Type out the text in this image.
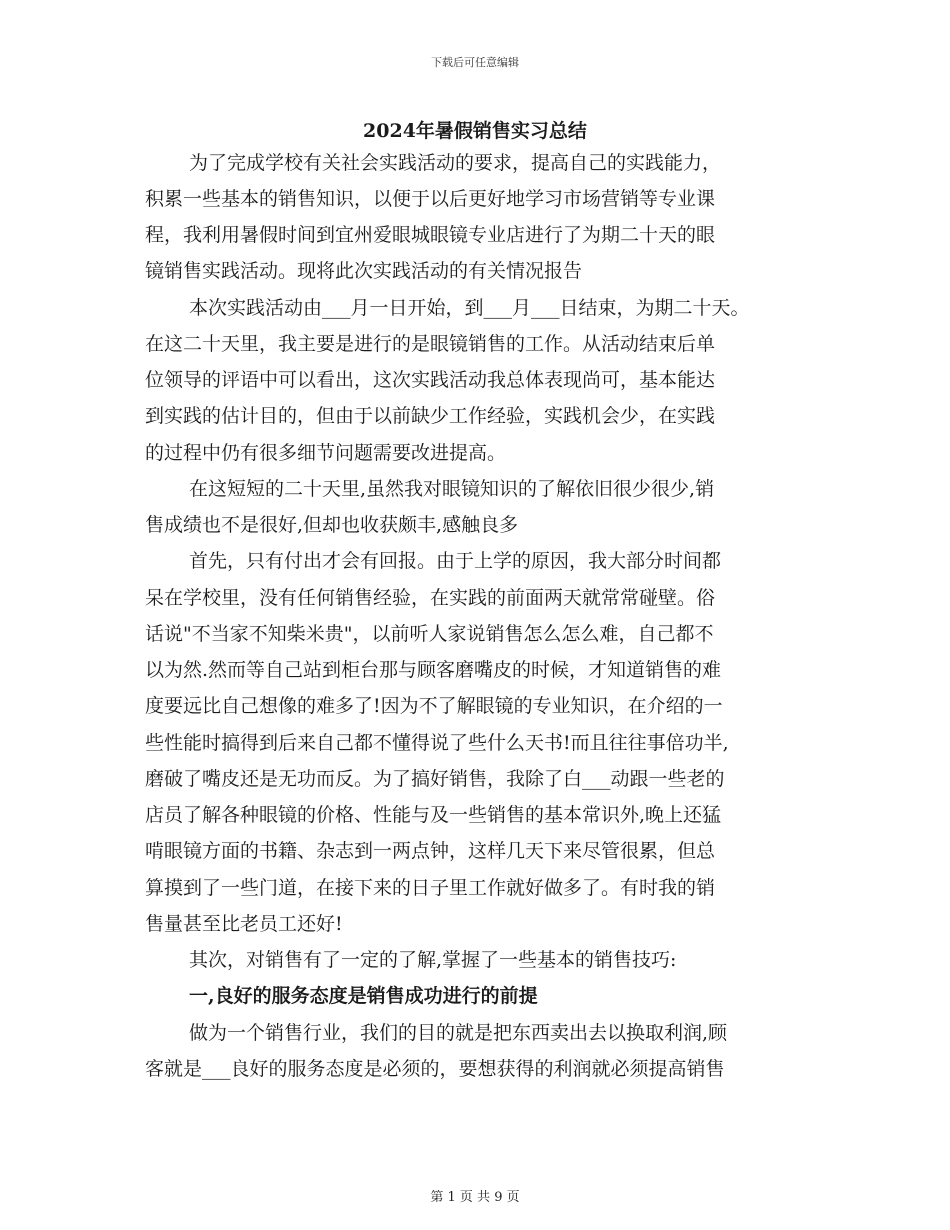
下载后可任意编辑
2024年暑假销售实习总结
为了完成学校有关社会实践活动的要求，提高自己的实践能力，
积累一些基本的销售知识，以便于以后更好地学习市场营销等专业课
程，我利用暑假时间到宜州爱眼城眼镜专业店进行了为期二十天的眼
镜销售实践活动。现将此次实践活动的有关情况报告
本次实践活动由___月一日开始，到___月___日结束，为期二十天。
在这二十天里，我主要是进行的是眼镜销售的工作。从活动结束后单
位领导的评语中可以看出，这次实践活动我总体表现尚可，基本能达
到实践的估计目的，但由于以前缺少工作经验，实践机会少，在实践
的过程中仍有很多细节问题需要改进提高。
在这短短的二十天里,虽然我对眼镜知识的了解依旧很少很少,销
售成绩也不是很好,但却也收获颇丰,感触良多
首先，只有付出才会有回报。由于上学的原因，我大部分时间都
呆在学校里，没有任何销售经验，在实践的前面两天就常常碰壁。俗
话说"不当家不知柴米贵"，以前听人家说销售怎么怎么难，自己都不
以为然.然而等自己站到柜台那与顾客磨嘴皮的时候，才知道销售的难
度要远比自己想像的难多了!因为不了解眼镜的专业知识，在介绍的一
些性能时搞得到后来自己都不懂得说了些什么天书!而且往往事倍功半,
磨破了嘴皮还是无功而反。为了搞好销售，我除了白___动跟一些老的
店员了解各种眼镜的价格、性能与及一些销售的基本常识外,晚上还猛
啃眼镜方面的书籍、杂志到一两点钟，这样几天下来尽管很累，但总
算摸到了一些门道，在接下来的日子里工作就好做多了。有时我的销
售量甚至比老员工还好!
其次，对销售有了一定的了解,掌握了一些基本的销售技巧:
一,良好的服务态度是销售成功进行的前提
做为一个销售行业，我们的目的就是把东西卖出去以换取利润,顾
客就是___良好的服务态度是必须的，要想获得的利润就必须提高销售
第 1 页 共 9 页
